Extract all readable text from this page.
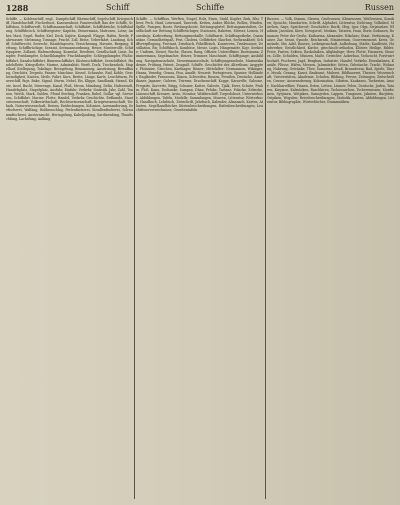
1288	Schiff	Schiffe	Russen
Schiffe. — Kohlenschiff, engl., Dampfschiff, Rheinschiff, Segelschiff, Kriegsschiff, Handelsschiff, Fischerboot, Kanonenboot, Panzerschiff; Bau der Schiffe, Schiffsbau, Schiffswerft, Schiffsmannschaft, Schiffahrt, Schiffsbrücke, Schiffsladung, Schiffsbruch, Schiffsregister; Kapitän, Steuermann, Matrosen, Lotse; Anker, Mast, Segel, Ruder, Kiel, Deck, Kajüte, Kompaß, Flagge, Hafen, Reede, Fahrwasser, Strömung, Tonnage, Fracht, Zoll, Reise, Ueberfahrt, Landung. Schiff, Schiffsrecht, Seerecht, Handelsgesetz, Versicherung, Havarie, Bergung, Rettung, Schiffbrüchige, Seeamt, Seemannsordnung, Heuer, Musterrolle, Schiffspapiere, Zollamt, Hafenordnung, Konsulat, Reederei, Gesellschaft, Linie, Dampfer, Postdampfer, Schnelldampfer, Frachtdampfer, Schleppdampfer, Flußschiffahrt, Kanalschiffahrt, Binnenschiffahrt, Küstenschiffahrt, Seeschiffahrt, Handelsflotte, Kriegsflotte, Marine, Admiralität, Werft, Dock, Trockendock, Stapellauf, Kiellegung, Takelage, Besegelung, Bemannung, Ausrüstung, Bewaffnung, Geschütz, Torpedo, Panzer, Maschine, Kessel, Schraube, Rad, Kohle, Geschwindigkeit, Knoten, Meile, Fahrt, Kurs, Breite, Länge, Karte, Leuchtturm, Feuerschiff, Boje, Bake, Signal, Sturm, Nebel, Eis, Klippe, Sandbank, Strand, Küste, Insel, Bucht, Meerenge, Kanal, Fluß, Strom, Mündung, Delta, Hafenstadt, Handelsplatz, Stapelplatz, Ausfuhr, Einfuhr, Verkehr, Statistik, Jahr, Zahl, Tonnen, Werth, Mark, Gulden, Pfund Sterling, Franken, Rubel, Dollar; vgl. Seewesen, Schiffahrt, Marine, Flotte, Handel, Verkehr, Geschichte, Erdkunde, Staatswissenschaft, Volkswirthschaft, Rechtswissenschaft, Kriegswissenschaft, Technik, Naturwissenschaft, Reisen, Entdeckungen, Kolonien, Auswanderung, Seefischerei, Walfang, Robbenschlag, Perlenfischerei, Korallenfischerei, Schwammfischerei, Austernzucht, Heringsfang, Kabeljaufang, Sardinenfang, Thunfischfang, Lachsfang, Aalfang.
Schiffe. — Schiffbau, Werften, Stapel, Holz, Eisen, Stahl, Kupfer, Zink, Blei, Theer, Pech, Hanf, Leinwand, Tauwerk, Ketten, Anker, Blöcke, Rollen, Winden, Spille, Pumpen, Boote, Rettungsboote, Rettungsgürtel, Rettungsanstalten, Gesellschaft zur Rettung Schiffbrüchiger, Stationen, Raketen, Mörser, Leinen, Hosenboje, Korbrettung, Rettungsmedaille; Schiffsarzt, Schiffsapotheke, Quarantäne, Gesundheitspaß, Pest, Cholera, Gelbfieber, Skorbut, Seekrankheit; Schiffsverpflegung, Proviant, Zwieback, Pökelfleisch, Konserven, Trinkwasser, Destillation, Eis; Schiffskoch, Kombüse, Messe, Logis, Hängematte, Koje, Seekiste; Uniform, Dienst, Wache, Glasen, Rang, Offizier, Unteroffizier, Bootsmann, Zimmermann, Segelmacher, Heizer, Trimmer, Maschinist, Schiffsjunge; Ausbildung, Navigationsschule, Steuermannsschule, Schiffsjungenschule, Marineakademie, Prüfung, Patent, Zeugniß. Schiffe, Geschichte der, Alterthum: Aegypter, Phönizier, Griechen, Karthager, Römer; Mittelalter: Normannen, Wikinger, Hansa, Venedig, Genua, Pisa, Amalfi; Neuzeit: Portugiesen, Spanier, Holländer, Engländer, Franzosen, Dänen, Schweden, Russen, Preußen, Deutsche, Amerikaner, Japaner; Galeere, Trireme, Drachenschiff, Kogge, Karavelle, Galeone, Fregatte, Korvette, Brigg, Schoner, Kutter, Galeote, Tjalk, Ewer, Schute, Prahm, Floß, Kanu, Dschunke, Sampan, Dhau, Feluke, Tartane, Polacke, Xebecke, Linienschiff, Kreuzer, Aviso, Monitor, Widderschiff, Torpedoboot, Unterseeboot; Abbildungen, Tafeln, Modelle, Sammlungen, Museen, Litteratur, Wörterbuch, Handbuch, Lehrbuch, Zeitschrift, Jahrbuch, Kalender, Almanach, Karten, Atlanten, Segelhandbücher, Küstenbeschreibungen, Hafenbeschreibungen, Leuchtfeuerverzeichnisse, Gezeitentafeln.
Russen. — Volk, Stamm, Slawen, Großrussen, Kleinrussen, Weißrussen, Kosaken; Sprache, Mundarten, Schrift, Alphabet, Litteratur, Dichtung, Volkslied, Märchen, Sage, Sprichwort; Geschichte: Rurik, Oleg, Igor, Olga, Swjatoslaw, Wladimir, Jaroslaw, Kiew, Nowgorod, Moskau, Tataren, Iwan, Boris Godunow, Romanow, Peter der Große, Katharina, Alexander, Nikolaus; Staat, Verfassung, Kaiser, Zar, Senat, Synode, Reichsrath, Ministerium, Gouvernement, Kreis, Gemeinde, Mir, Adel, Bauern, Leibeigenschaft, Aufhebung, Städte, Kaufleute, Handwerker, Geistlichkeit, Kirche, griechisch-orthodox, Klöster, Heilige, Bilder, Feste, Fasten, Sekten, Raskolniken, Altgläubige; Heer, Flotte, Finanzen, Steuern, Zölle, Schulden, Münzen, Maße, Gewichte; Ackerbau, Viehzucht, Forstwirthschaft, Fischerei, Jagd, Bergbau, Industrie, Handel, Verkehr, Eisenbahnen, Kanäle, Flüsse, Häfen, Messen, Jahrmärkte; Sitten, Gebräuche, Tracht, Wohnung, Nahrung, Getränke, Thee, Samowar, Kwaß, Branntwein, Bad, Spiele, Tänze, Musik, Gesang, Kunst, Baukunst, Malerei, Bildhauerei, Theater, Wissenschaft, Universitäten, Akademie, Schulen, Bildung, Presse, Zeitungen, Zeitschriften, Censur; Auswanderung, Kolonisation, Sibirien, Kaukasus, Turkestan, Amur; Nachbarvölker, Finnen, Esten, Letten, Litauer, Polen, Deutsche, Juden, Tataren, Kirgisen, Kalmücken, Baschkiren, Tschuwaschen, Tscheremissen, Mordwinen, Syrjänen, Wotjaken, Samojeden, Lappen, Tungusen, Jakuten, Burjäten, Ostjaken, Wogulen; Reisebeschreibungen, Statistik, Karten, Abbildungen, Litteratur, Bibliographie, Wörterbücher, Grammatiken.
